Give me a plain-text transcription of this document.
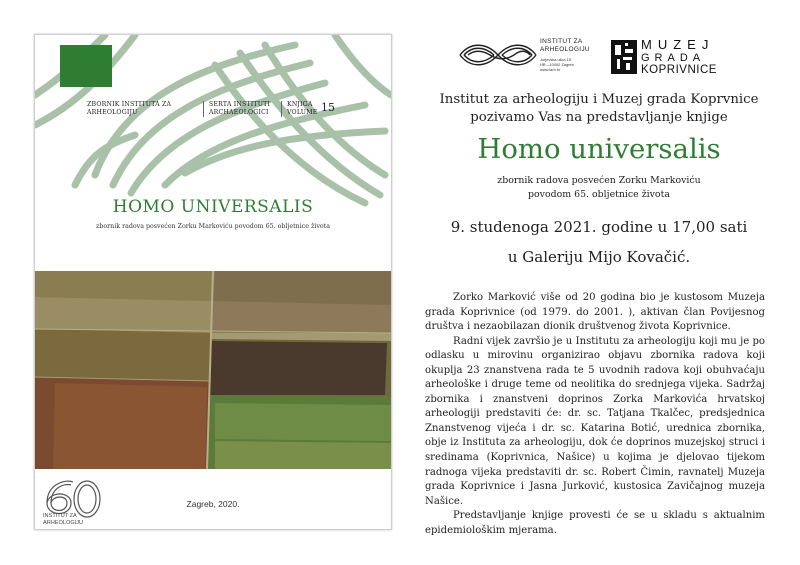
ZBORNIK INSTITUTA ZA
ARHEOLOGIJU
SERTA INSTITUTI
ARCHAEOLOGICI
KNJIGA
VOLUME 15
HOMO UNIVERSALIS
zbornik radova posvećen Zorku Markoviću povodom 65. obljetnice života
INSTITUT ZA
ARHEOLOGIJU
Zagreb, 2020.
INSTITUT ZA
ARHEOLOGIJU
Jurjevska ulica 15
HR—10000 Zagreb
www.iarh.hr
MUZEJ
GRADA
KOPRIVNICE
Institut za arheologiju i Muzej grada Koprvnice
pozivamo Vas na predstavljanje knjige
Homo universalis
zbornik radova posvećen Zorku Markoviću
povodom 65. obljetnice života
9. studenoga 2021. godine u 17,00 sati
u Galeriju Mijo Kovačić.

Zorko Marković više od 20 godina bio je kustosom Muzeja grada Koprivnice (od 1979. do 2001. ), aktivan član Povijesnog društva i nezaobilazan dionik društvenog života Koprivnice.

Radni vijek završio je u Institutu za arheologiju koji mu je po odlasku u mirovinu organizirao objavu zbornika radova koji okuplja 23 znanstvena rada te 5 uvodnih radova koji obuhvaćaju arheološke i druge teme od neolitika do srednjega vijeka. Sadržaj zbornika i znanstveni doprinos Zorka Markovića hrvatskoj arheologiji predstaviti će: dr. sc. Tatjana Tkalčec, predsjednica Znanstvenog vijeća i dr. sc. Katarina Botić, urednica zbornika, obje iz Instituta za arheologiju, dok će doprinos muzejskoj struci i sredinama (Koprivnica, Našice) u kojima je djelovao tijekom radnoga vijeka predstaviti dr. sc. Robert Čimin, ravnatelj Muzeja grada Koprivnice i Jasna Jurković, kustosica Zavičajnog muzeja Našice.

Predstavljanje knjige provesti će se u skladu s aktualnim epidemiološkim mjerama.
